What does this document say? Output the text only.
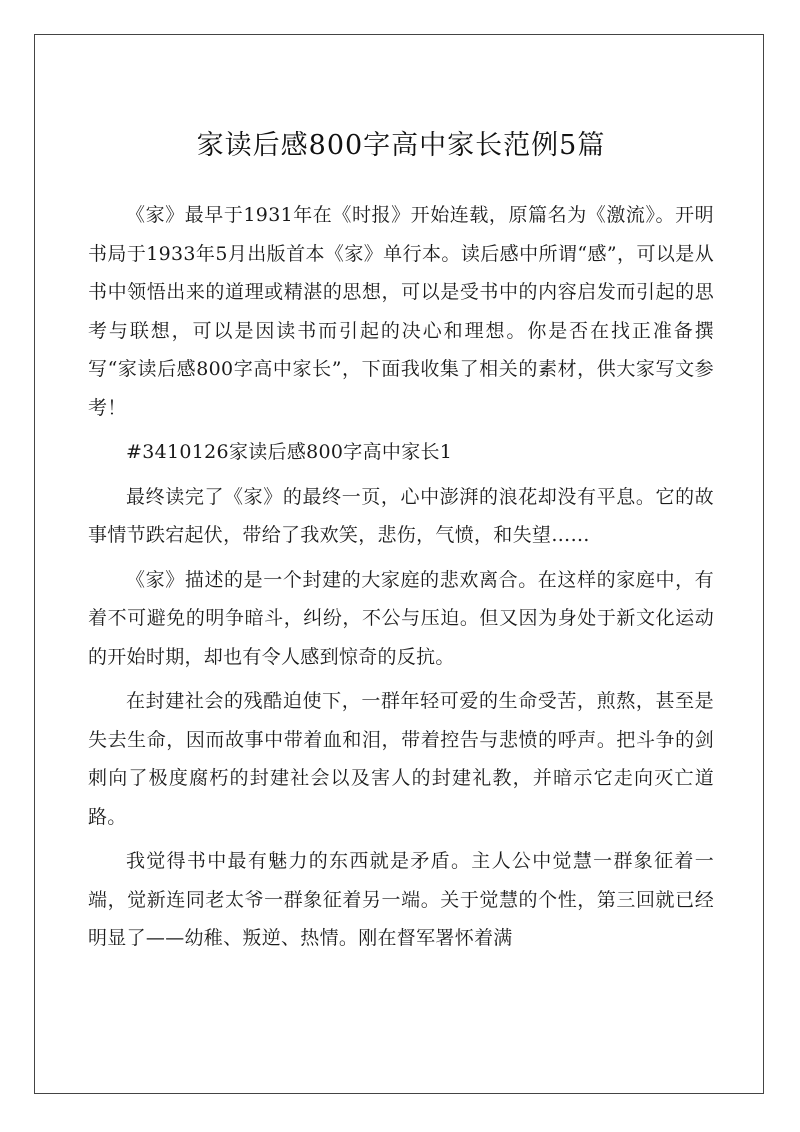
家读后感800字高中家长范例5篇

《家》最早于1931年在《时报》开始连载，原篇名为《激流》。开明书局于1933年5月出版首本《家》单行本。读后感中所谓“感”，可以是从书中领悟出来的道理或精湛的思想，可以是受书中的内容启发而引起的思考与联想，可以是因读书而引起的决心和理想。你是否在找正准备撰写“家读后感800字高中家长”，下面我收集了相关的素材，供大家写文参考！

#3410126家读后感800字高中家长1

最终读完了《家》的最终一页，心中澎湃的浪花却没有平息。它的故事情节跌宕起伏，带给了我欢笑，悲伤，气愤，和失望……

《家》描述的是一个封建的大家庭的悲欢离合。在这样的家庭中，有着不可避免的明争暗斗，纠纷，不公与压迫。但又因为身处于新文化运动的开始时期，却也有令人感到惊奇的反抗。

在封建社会的残酷迫使下，一群年轻可爱的生命受苦，煎熬，甚至是失去生命，因而故事中带着血和泪，带着控告与悲愤的呼声。把斗争的剑刺向了极度腐朽的封建社会以及害人的封建礼教，并暗示它走向灭亡道路。

我觉得书中最有魅力的东西就是矛盾。主人公中觉慧一群象征着一端，觉新连同老太爷一群象征着另一端。关于觉慧的个性，第三回就已经明显了——幼稚、叛逆、热情。刚在督军署怀着满
